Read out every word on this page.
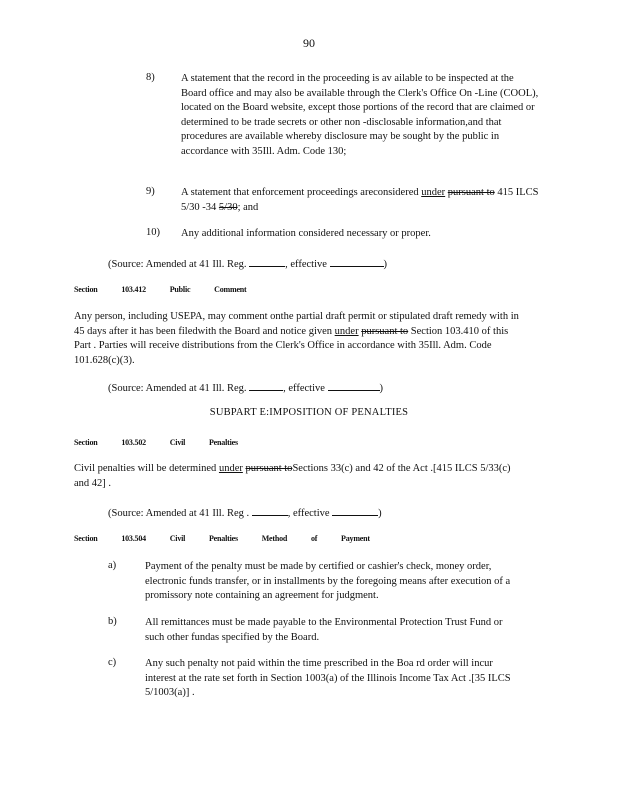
90
8)	A statement that the record in the proceeding is av ailable to be inspected at the Board office and may also be available through the Clerk's Office On -Line (COOL), located on the Board website, except those portions of the record that are claimed or determined to be trade secrets or other non -disclosable information,and that procedures are available whereby disclosure may be sought by the public in accordance with 35Ill. Adm. Code 130;
9)	A statement that enforcement proceedings areconsidered under pursuant to 415 ILCS 5/30 -34 5/30; and
10) Any additional information considered necessary or proper.
(Source: Amended at 41 Ill. Reg.	, effective	)
Section	103.412	Public	Comment
Any person, including USEPA, may comment onthe partial draft permit or stipulated draft remedy with in 45 days after it has been filedwith the Board and notice given under pursuant to Section 103.410 of this Part . Parties will receive distributions from the Clerk's Office in accordance with 35Ill. Adm. Code 101.628(c)(3).
(Source: Amended at 41 Ill. Reg.	, effective	)
SUBPART E:IMPOSITION OF PENALTIES
Section	103.502	Civil	Penalties
Civil penalties will be determined under pursuant toSections 33(c) and 42 of the Act .[415 ILCS 5/33(c) and 42] .
(Source: Amended at 41 Ill. Reg .	, effective	)
Section	103.504	Civil	Penalties	Method	of	Payment
a)	Payment of the penalty must be made by certified or cashier's check, money order, electronic funds transfer, or in installments by the foregoing means after execution of a promissory note containing an agreement for judgment.
b)	All remittances must be made payable to the Environmental Protection Trust Fund or such other fundas specified by the Board.
c)	Any such penalty not paid within the time prescribed in the Boa rd order will incur interest at the rate set forth in Section 1003(a) of the Illinois Income Tax Act .[35 ILCS 5/1003(a)] .
